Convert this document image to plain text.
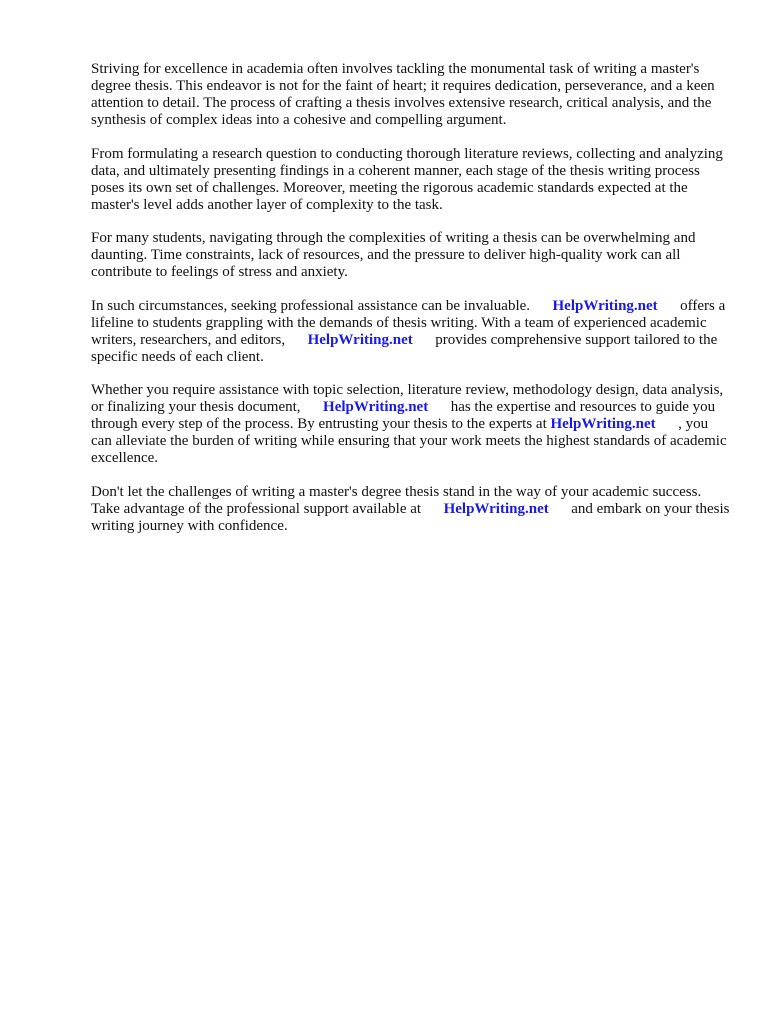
Striving for excellence in academia often involves tackling the monumental task of writing a master's degree thesis. This endeavor is not for the faint of heart; it requires dedication, perseverance, and a keen attention to detail. The process of crafting a thesis involves extensive research, critical analysis, and the synthesis of complex ideas into a cohesive and compelling argument.

From formulating a research question to conducting thorough literature reviews, collecting and analyzing data, and ultimately presenting findings in a coherent manner, each stage of the thesis writing process poses its own set of challenges. Moreover, meeting the rigorous academic standards expected at the master's level adds another layer of complexity to the task.

For many students, navigating through the complexities of writing a thesis can be overwhelming and daunting. Time constraints, lack of resources, and the pressure to deliver high-quality work can all contribute to feelings of stress and anxiety.

In such circumstances, seeking professional assistance can be invaluable. HelpWriting.net offers a lifeline to students grappling with the demands of thesis writing. With a team of experienced academic writers, researchers, and editors, HelpWriting.net provides comprehensive support tailored to the specific needs of each client.

Whether you require assistance with topic selection, literature review, methodology design, data analysis, or finalizing your thesis document, HelpWriting.net has the expertise and resources to guide you through every step of the process. By entrusting your thesis to the experts at HelpWriting.net , you can alleviate the burden of writing while ensuring that your work meets the highest standards of academic excellence.

Don't let the challenges of writing a master's degree thesis stand in the way of your academic success. Take advantage of the professional support available at HelpWriting.net and embark on your thesis writing journey with confidence.
